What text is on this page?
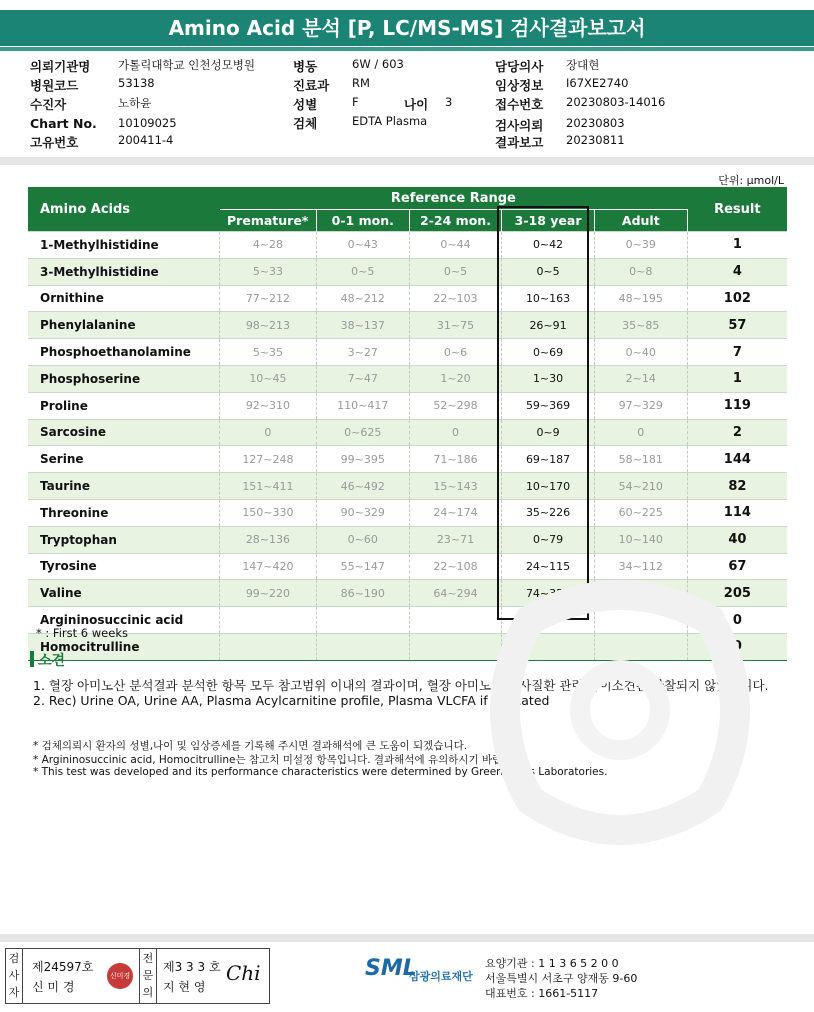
Amino Acid 분석 [P, LC/MS-MS] 검사결과보고서
의뢰기관명 가톨릭대학교 인천성모병원
병원코드	53138
수진자	노하윤
Chart No. 10109025
고유번호	200411-4
병동	6W / 603
진료과 RM
성별	F
검체	EDTA Plasma
나이 3
담당의사 장대현
임상정보 I67XE2740
접수번호 20230803-14016
검사의뢰 20230803
결과보고 20230811
단위: μmol/L
Amino Acids	Reference Range					Result
	Premature*	0-1 mon.	2-24 mon.	3-18 year	Adult	
1-Methylhistidine	4~28	0~43	0~44	0~42	0~39	1
3-Methylhistidine	5~33	0~5	0~5	0~5	0~8	4
Ornithine	77~212	48~212	22~103	10~163	48~195	102
Phenylalanine	98~213	38~137	31~75	26~91	35~85	57
Phosphoethanolamine	5~35	3~27	0~6	0~69	0~40	7
Phosphoserine	10~45	7~47	1~20	1~30	2~14	1
Proline	92~310	110~417	52~298	59~369	97~329	119
Sarcosine	0	0~625	0	0~9	0	2
Serine	127~248	99~395	71~186	69~187	58~181	144
Taurine	151~411	46~492	15~143	10~170	54~210	82
Threonine	150~330	90~329	24~174	35~226	60~225	114
Tryptophan	28~136	0~60	23~71	0~79	10~140	40
Tyrosine	147~420	55~147	22~108	24~115	34~112	67
Valine	99~220	86~190	64~294	74~321	119~336	205
Argininosuccinic acid						0
Homocitrulline						0
* : First 6 weeks
소견
1. 혈장 아미노산 분석결과 분석한 항목 모두 참고범위 이내의 결과이며, 혈장 아미노산 대사질환 관련 특이소견은 관찰되지 않았습니다.
2. Rec) Urine OA, Urine AA, Plasma Acylcarnitine profile, Plasma VLCFA if indicated
* 검체의뢰시 환자의 성별,나이 및 임상증세를 기록해 주시면 결과해석에 큰 도움이 되겠습니다.
* Argininosuccinic acid, Homocitrulline는 참고치 미설정 항목입니다. 결과해석에 유의하시기 바랍니다.
* This test was developed and its performance characteristics were determined by Green Cross Laboratories.
검
사
자
제24597호
신 미 경
신미경
전
문
의
제3 3 3 호
지 현 영
Chi	SML
삼광의료재단
요양기관 : 1 1 3 6 5 2 0 0
서울특별시 서초구 양재동 9-60
대표번호 : 1661-5117
